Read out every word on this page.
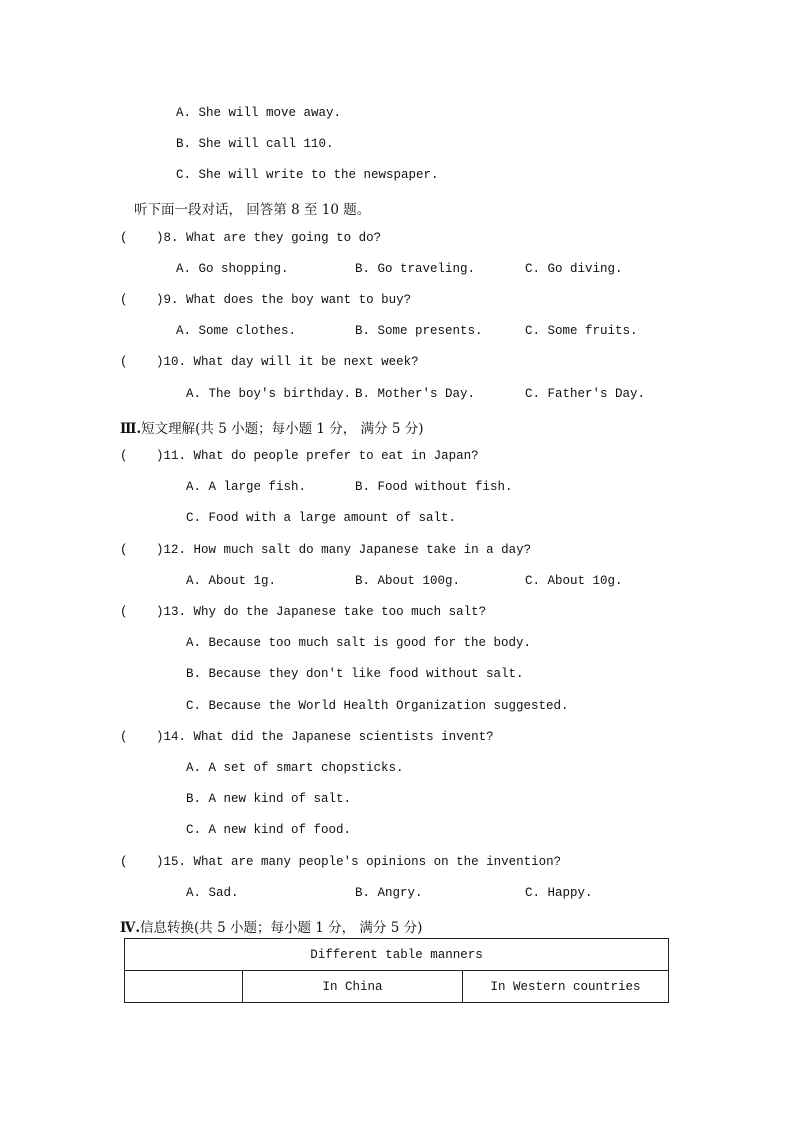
A. She will move away.
B. She will call 110.
C. She will write to the newspaper.
听下面一段对话， 回答第 8 至 10 题。
( )8. What are they going to do?
A. Go shopping.	B. Go traveling.	C. Go diving.
( )9. What does the boy want to buy?
A. Some clothes.	B. Some presents.	C. Some fruits.
( )10. What day will it be next week?
A. The boy's birthday. B. Mother's Day.	C. Father's Day.
Ⅲ.短文理解(共 5 小题；每小题 1 分， 满分 5 分)
( )11. What do people prefer to eat in Japan?
A. A large fish.	B. Food without fish.
C. Food with a large amount of salt.
( )12. How much salt do many Japanese take in a day?
A. About 1g.	B. About 100g.	C. About 10g.
( )13. Why do the Japanese take too much salt?
A. Because too much salt is good for the body.
B. Because they don't like food without salt.
C. Because the World Health Organization suggested.
( )14. What did the Japanese scientists invent?
A. A set of smart chopsticks.
B. A new kind of salt.
C. A new kind of food.
( )15. What are many people's opinions on the invention?
A. Sad.	B. Angry.	C. Happy.
Ⅳ.信息转换(共 5 小题；每小题 1 分， 满分 5 分)
Different table manners
	In China	In Western countries
